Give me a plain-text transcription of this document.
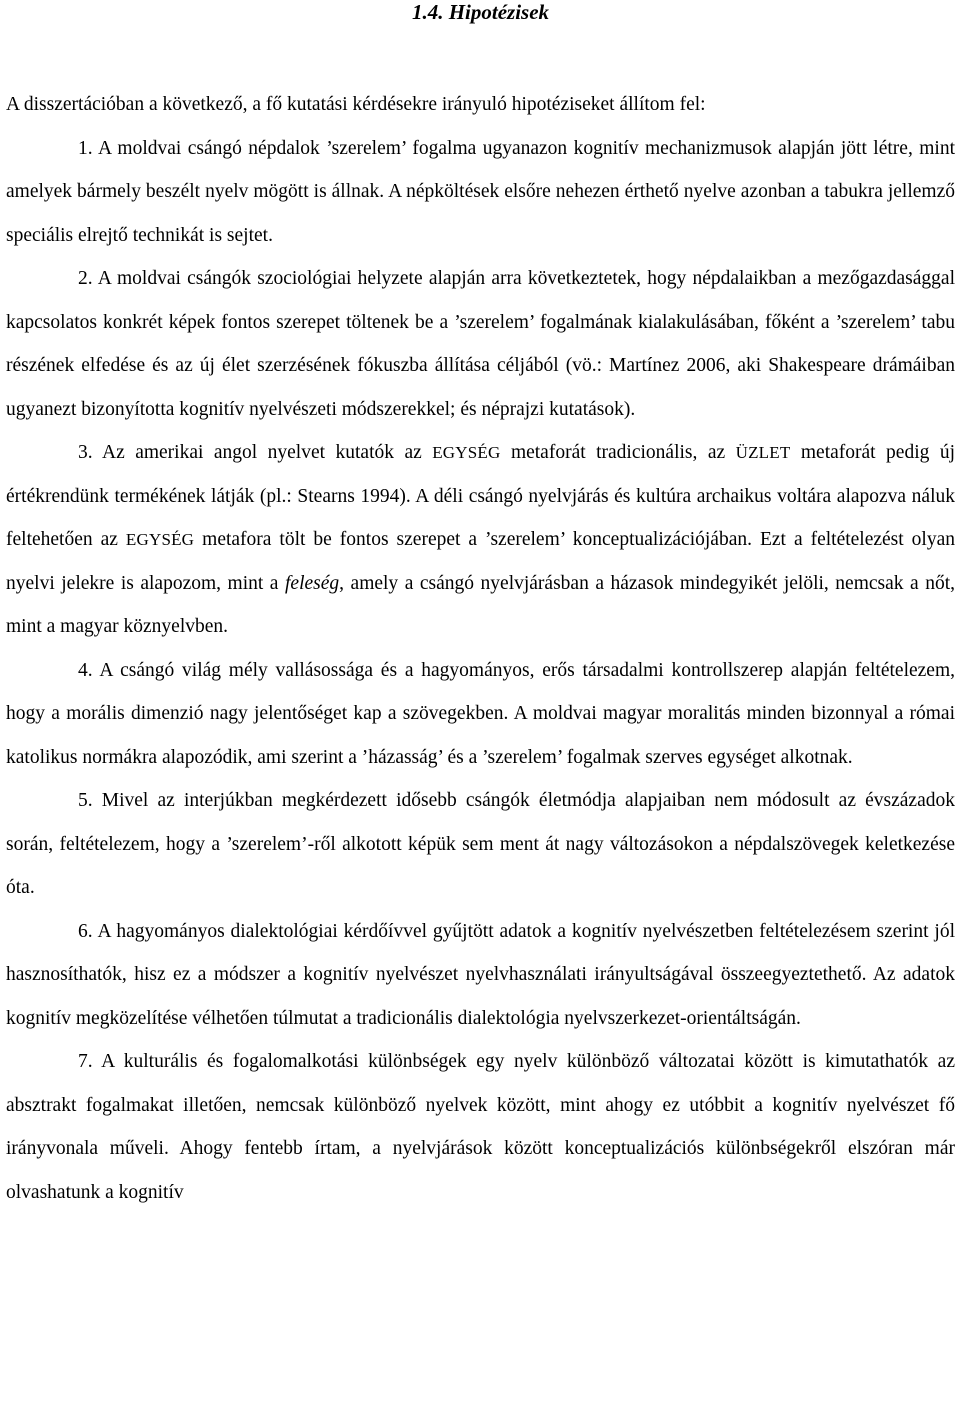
1.4. Hipotézisek

A disszertációban a következő, a fő kutatási kérdésekre irányuló hipotéziseket állítom fel:

1. A moldvai csángó népdalok ’szerelem’ fogalma ugyanazon kognitív mechanizmusok alapján jött létre, mint amelyek bármely beszélt nyelv mögött is állnak. A népköltések elsőre nehezen érthető nyelve azonban a tabukra jellemző speciális elrejtő technikát is sejtet.

2. A moldvai csángók szociológiai helyzete alapján arra következtetek, hogy népdalaikban a mezőgazdasággal kapcsolatos konkrét képek fontos szerepet töltenek be a ’szerelem’ fogalmának kialakulásában, főként a ’szerelem’ tabu részének elfedése és az új élet szerzésének fókuszba állítása céljából (vö.: Martínez 2006, aki Shakespeare drámáiban ugyanezt bizonyította kognitív nyelvészeti módszerekkel; és néprajzi kutatások).

3. Az amerikai angol nyelvet kutatók az EGYSÉG metaforát tradicionális, az ÜZLET metaforát pedig új értékrendünk termékének látják (pl.: Stearns 1994). A déli csángó nyelvjárás és kultúra archaikus voltára alapozva náluk feltehetően az EGYSÉG metafora tölt be fontos szerepet a ’szerelem’ konceptualizációjában. Ezt a feltételezést olyan nyelvi jelekre is alapozom, mint a feleség, amely a csángó nyelvjárásban a házasok mindegyikét jelöli, nemcsak a nőt, mint a magyar köznyelvben.

4. A csángó világ mély vallásossága és a hagyományos, erős társadalmi kontrollszerep alapján feltételezem, hogy a morális dimenzió nagy jelentőséget kap a szövegekben. A moldvai magyar moralitás minden bizonnyal a római katolikus normákra alapozódik, ami szerint a ’házasság’ és a ’szerelem’ fogalmak szerves egységet alkotnak.

5. Mivel az interjúkban megkérdezett idősebb csángók életmódja alapjaiban nem módosult az évszázadok során, feltételezem, hogy a ’szerelem’-ről alkotott képük sem ment át nagy változásokon a népdalszövegek keletkezése óta.

6. A hagyományos dialektológiai kérdőívvel gyűjtött adatok a kognitív nyelvészetben feltételezésem szerint jól hasznosíthatók, hisz ez a módszer a kognitív nyelvészet nyelvhasználati irányultságával összeegyeztethető. Az adatok kognitív megközelítése vélhetően túlmutat a tradicionális dialektológia nyelvszerkezet-orientáltságán.

7. A kulturális és fogalomalkotási különbségek egy nyelv különböző változatai között is kimutathatók az absztrakt fogalmakat illetően, nemcsak különböző nyelvek között, mint ahogy ez utóbbit a kognitív nyelvészet fő irányvonala műveli. Ahogy fentebb írtam, a nyelvjárások között konceptualizációs különbségekről elszóran már olvashatunk a kognitív
